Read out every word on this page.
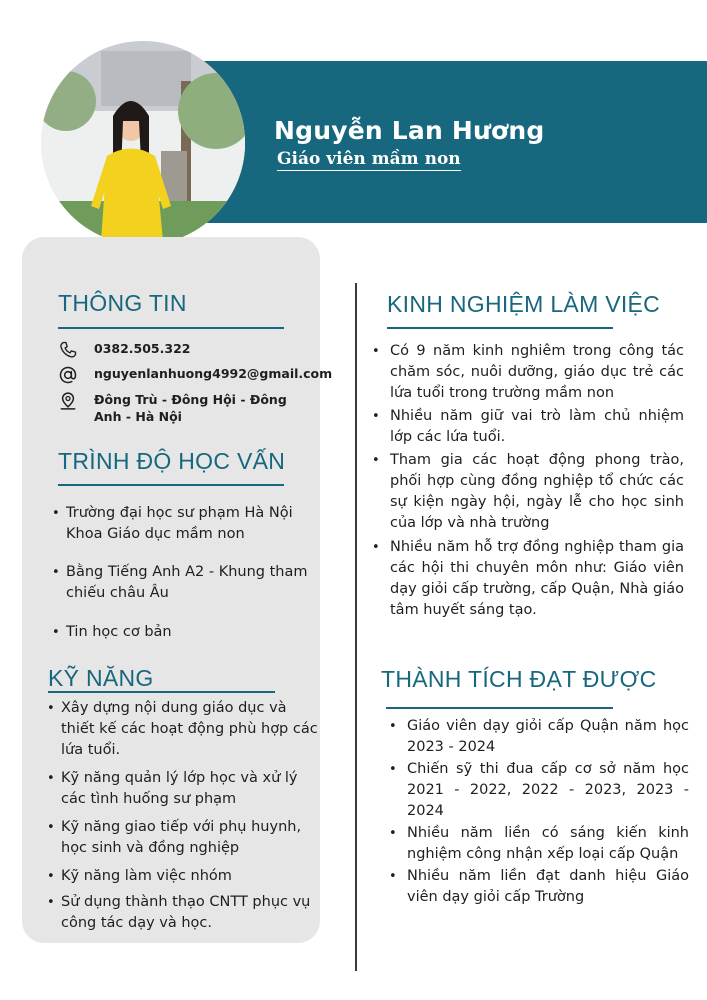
Nguyễn Lan Hương
Giáo viên mầm non
THÔNG TIN
0382.505.322
nguyenlanhuong4992@gmail.com
Đông Trù - Đông Hội - Đông Anh - Hà Nội
TRÌNH ĐỘ HỌC VẤN
• Trường đại học sư phạm Hà Nội Khoa Giáo dục mầm non
• Bằng Tiếng Anh A2 - Khung tham chiếu châu Âu
• Tin học cơ bản
KỸ NĂNG
• Xây dựng nội dung giáo dục và thiết kế các hoạt động phù hợp các lứa tuổi.
• Kỹ năng quản lý lớp học và xử lý các tình huống sư phạm
• Kỹ năng giao tiếp với phụ huynh, học sinh và đồng nghiệp
• Kỹ năng làm việc nhóm
• Sử dụng thành thạo CNTT phục vụ công tác dạy và học.
KINH NGHIỆM LÀM VIỆC
• Có 9 năm kinh nghiêm trong công tác chăm sóc, nuôi dưỡng, giáo dục trẻ các lứa tuổi trong trường mầm non
• Nhiều năm giữ vai trò làm chủ nhiệm lớp các lứa tuổi.
• Tham gia các hoạt động phong trào, phối hợp cùng đồng nghiệp tổ chức các sự kiện ngày hội, ngày lễ cho học sinh của lớp và nhà trường
• Nhiều năm hỗ trợ đồng nghiệp tham gia các hội thi chuyên môn như: Giáo viên dạy giỏi cấp trường, cấp Quận, Nhà giáo tâm huyết sáng tạo.
THÀNH TÍCH ĐẠT ĐƯỢC
• Giáo viên dạy giỏi cấp Quận năm học 2023 - 2024
• Chiến sỹ thi đua cấp cơ sở năm học 2021 - 2022, 2022 - 2023, 2023 - 2024
• Nhiều năm liền có sáng kiến kinh nghiệm công nhận xếp loại cấp Quận
• Nhiều năm liền đạt danh hiệu Giáo viên dạy giỏi cấp Trường
